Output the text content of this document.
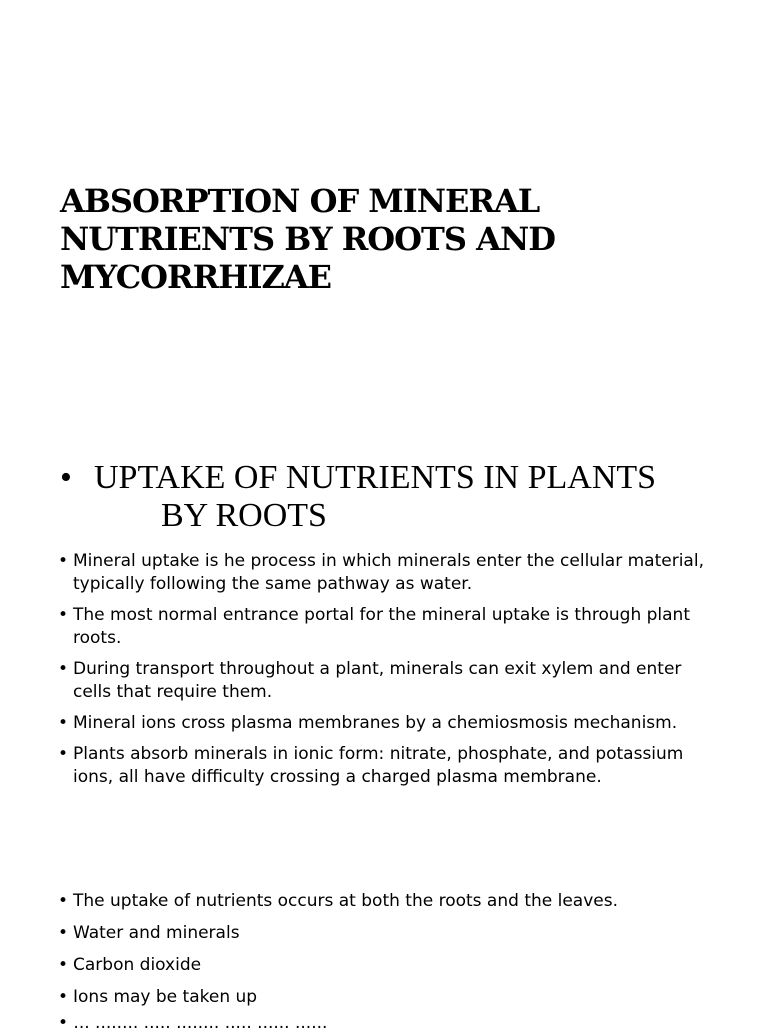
ABSORPTION OF MINERAL NUTRIENTS BY ROOTS AND MYCORRHIZAE
• UPTAKE OF NUTRIENTS IN PLANTS
BY ROOTS
• Mineral uptake is he process in which minerals enter the cellular material, typically following the same pathway as water.
• The most normal entrance portal for the mineral uptake is through plant roots.
• During transport throughout a plant, minerals can exit xylem and enter cells that require them.
• Mineral ions cross plasma membranes by a chemiosmosis mechanism.
• Plants absorb minerals in ionic form: nitrate, phosphate, and potassium ions, all have difficulty crossing a charged plasma membrane.
• The uptake of nutrients occurs at both the roots and the leaves.
• Water and minerals
• Carbon dioxide
• Ions may be taken up
• ... ........ ..... ........ ..... ...... ......
